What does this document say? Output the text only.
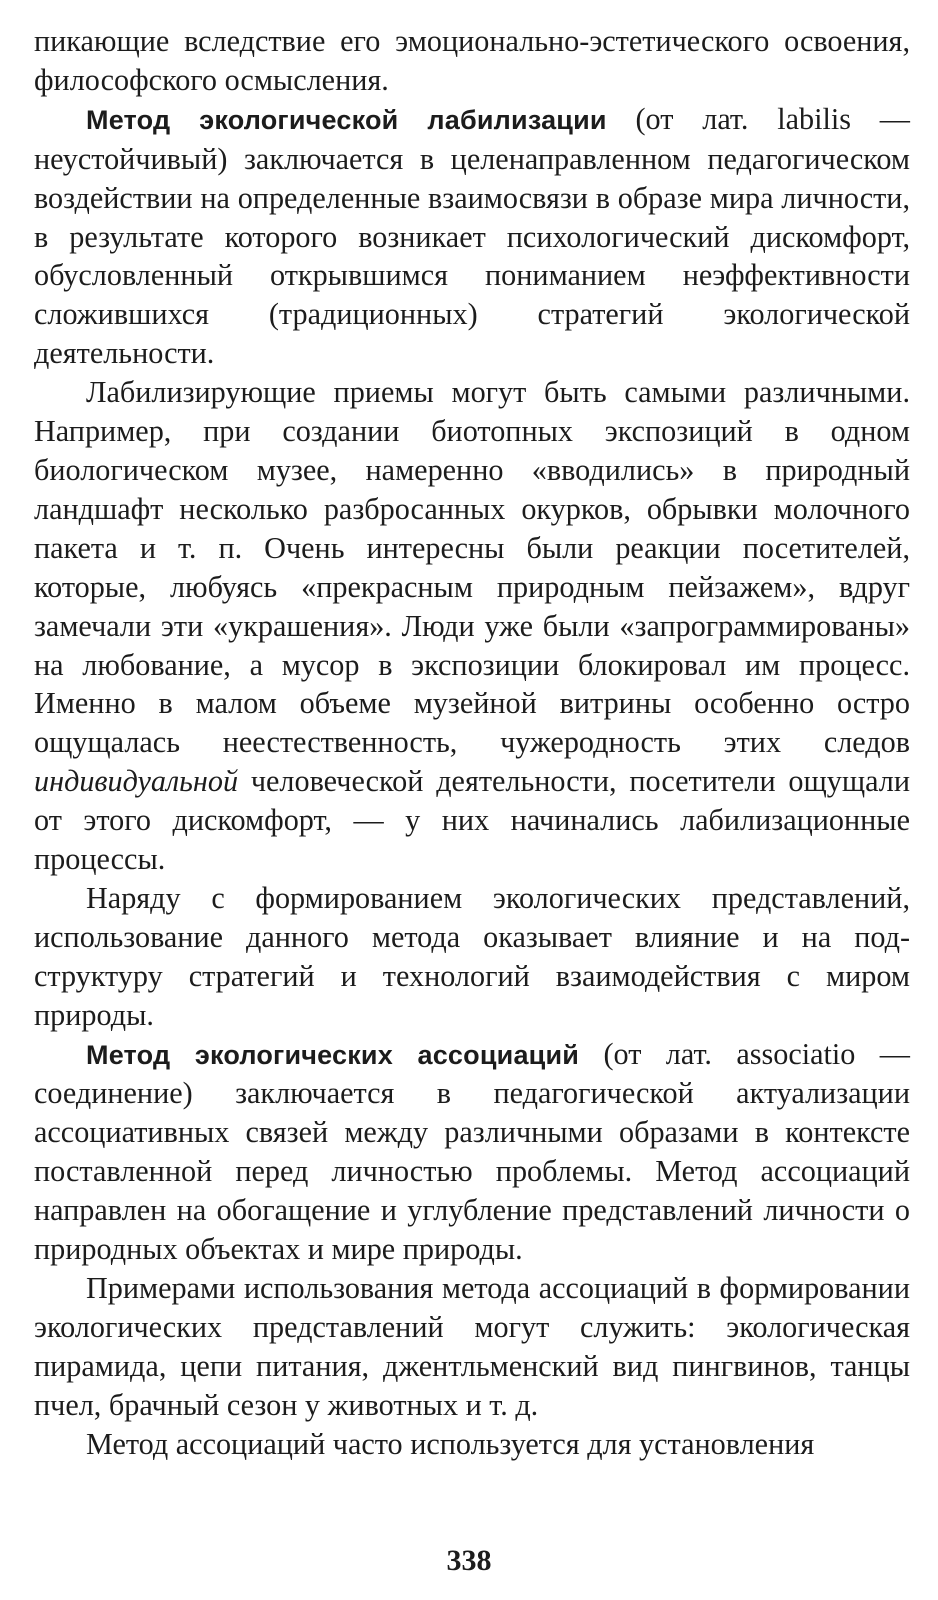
пикающие вследствие его эмоционально-эстетического освоения, философского осмысления.

Метод экологической лабилизации (от лат. labilis — неустойчивый) заключается в целенаправленном педагогическом воздействии на определенные взаимосвязи в образе мира личности, в результате которого возникает психологический дискомфорт, обусловленный открывшимся пониманием неэффективности сложившихся (традиционных) стратегий экологической деятельности.

Лабилизирующие приемы могут быть самыми различными. Например, при создании биотопных экспозиций в одном биологическом музее, намеренно «вводились» в природный ландшафт несколько разбросанных окурков, обрывки молочного пакета и т. п. Очень интересны были реакции посетителей, которые, любуясь «прекрасным природным пейзажем», вдруг замечали эти «украшения». Люди уже были «запрограммированы» на любование, а мусор в экспозиции блокировал им процесс. Именно в малом объеме музейной витрины особенно остро ощущалась неестественность, чужеродность этих следов индивидуальной человеческой деятельности, посетители ощущали от этого дискомфорт, — у них начинались лабилизационные процессы.

Наряду с формированием экологических представлений, использование данного метода оказывает влияние и на подструктуру стратегий и технологий взаимодействия с миром природы.

Метод экологических ассоциаций (от лат. associatio — соединение) заключается в педагогической актуализации ассоциативных связей между различными образами в контексте поставленной перед личностью проблемы. Метод ассоциаций направлен на обогащение и углубление представлений личности о природных объектах и мире природы.

Примерами использования метода ассоциаций в формировании экологических представлений могут служить: экологическая пирамида, цепи питания, джентльменский вид пингвинов, танцы пчел, брачный сезон у животных и т. д.

Метод ассоциаций часто используется для установления

338
